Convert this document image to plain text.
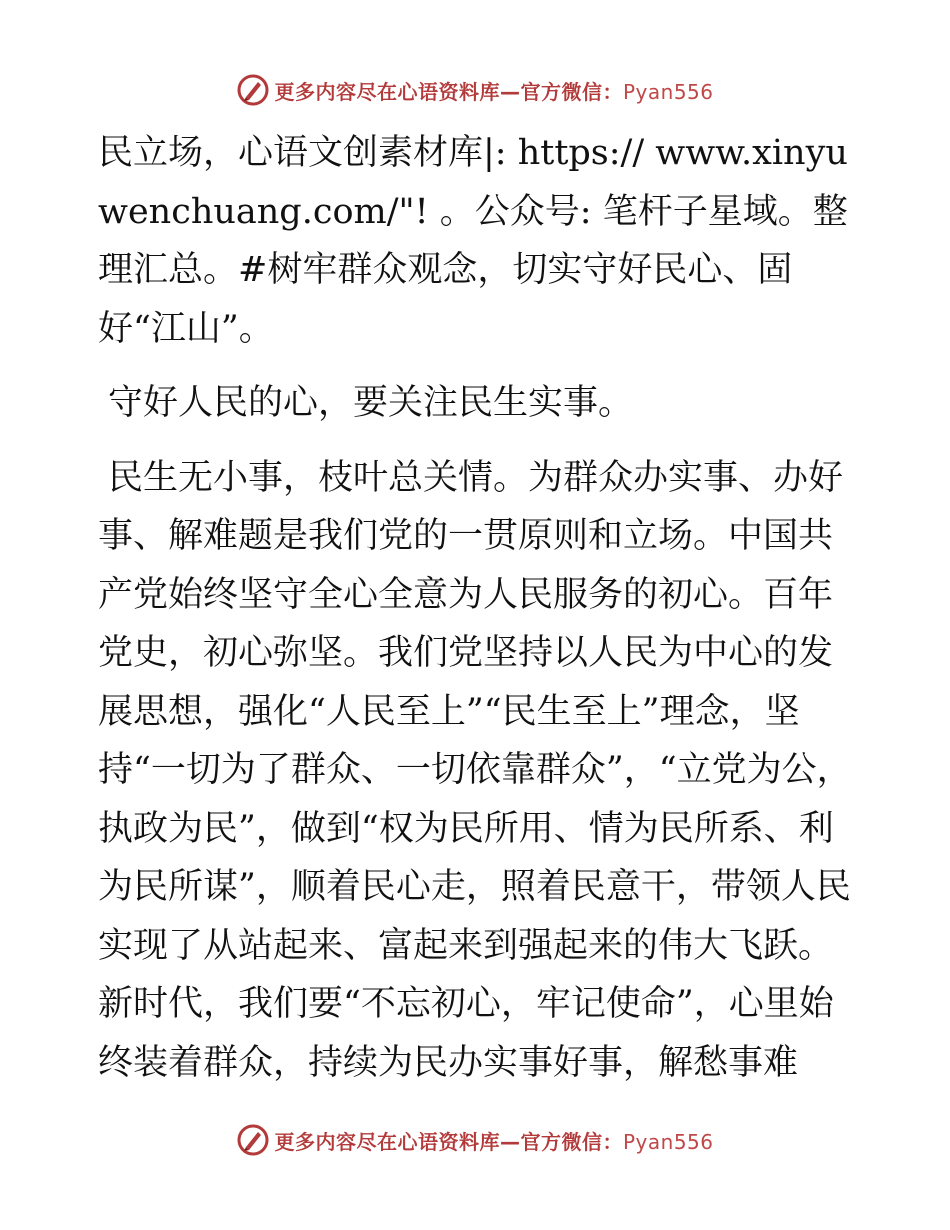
更多内容尽在心语资料库—官方微信：Pyan556

民立场，心语文创素材库|: https:// www.xinyuwenchuang.com/"! 。公众号: 笔杆子星域。整理汇总。#树牢群众观念，切实守好民心、固好“江山”。

守好人民的心，要关注民生实事。

民生无小事，枝叶总关情。为群众办实事、办好事、解难题是我们党的一贯原则和立场。中国共产党始终坚守全心全意为人民服务的初心。百年党史，初心弥坚。我们党坚持以人民为中心的发展思想，强化“人民至上”“民生至上”理念，坚持“一切为了群众、一切依靠群众”，“立党为公，执政为民”，做到“权为民所用、情为民所系、利为民所谋”，顺着民心走，照着民意干，带领人民实现了从站起来、富起来到强起来的伟大飞跃。新时代，我们要“不忘初心，牢记使命”，心里始终装着群众，持续为民办实事好事，解愁事难

更多内容尽在心语资料库—官方微信：Pyan556
